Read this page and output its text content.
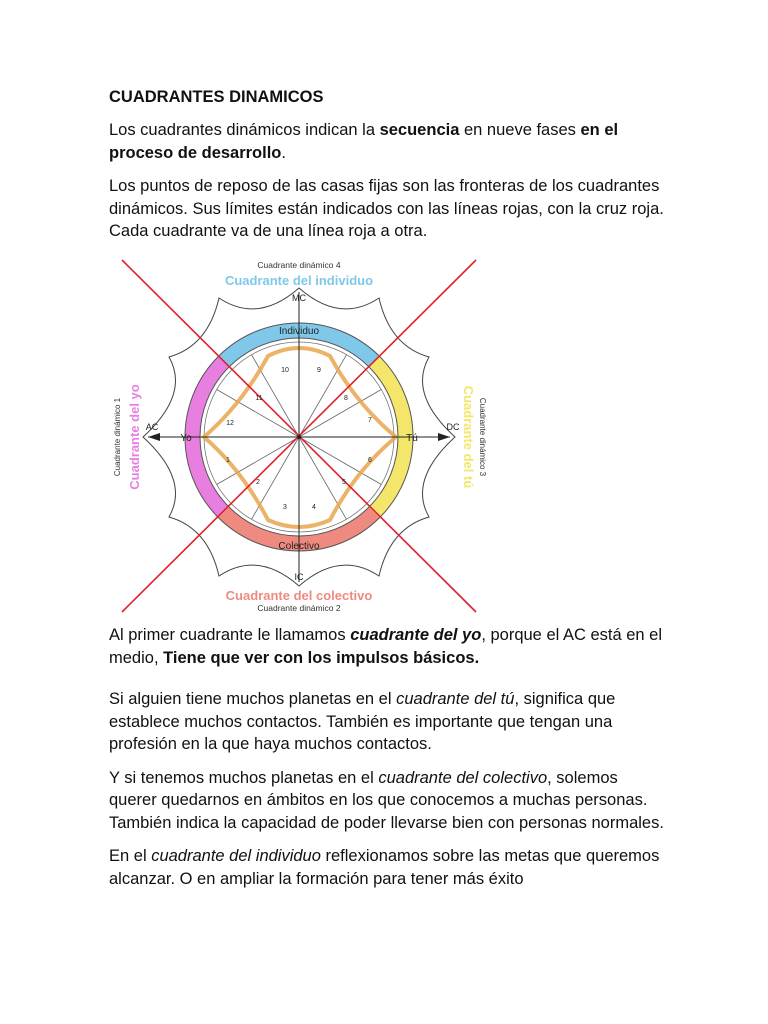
CUADRANTES DINAMICOS
Los cuadrantes dinámicos indican la secuencia en nueve fases en el proceso de desarrollo.
Los puntos de reposo de las casas fijas son las fronteras de los cuadrantes dinámicos. Sus límites están indicados con las líneas rojas, con la cruz roja. Cada cuadrante va de una línea roja a otra.
Cuadrante dinámico 4
Cuadrante del individuo
Cuadrante del colectivo
Cuadrante dinámico 2
Cuadrante dinámico 1 Cuadrante del yo	Cuadrante del tú Cuadrante dinámico 3
Individuo
Colectivo
Yo	Tú
MC
IC
AC	DC
1
2
3	4
5
6
7
8
9
10
11
12
Al primer cuadrante le llamamos cuadrante del yo, porque el AC está en el medio, Tiene que ver con los impulsos básicos.
Si alguien tiene muchos planetas en el cuadrante del tú, significa que establece muchos contactos. También es importante que tengan una profesión en la que haya muchos contactos.
Y si tenemos muchos planetas en el cuadrante del colectivo, solemos querer quedarnos en ámbitos en los que conocemos a muchas personas. También indica la capacidad de poder llevarse bien con personas normales.
En el cuadrante del individuo reflexionamos sobre las metas que queremos alcanzar. O en ampliar la formación para tener más éxito
